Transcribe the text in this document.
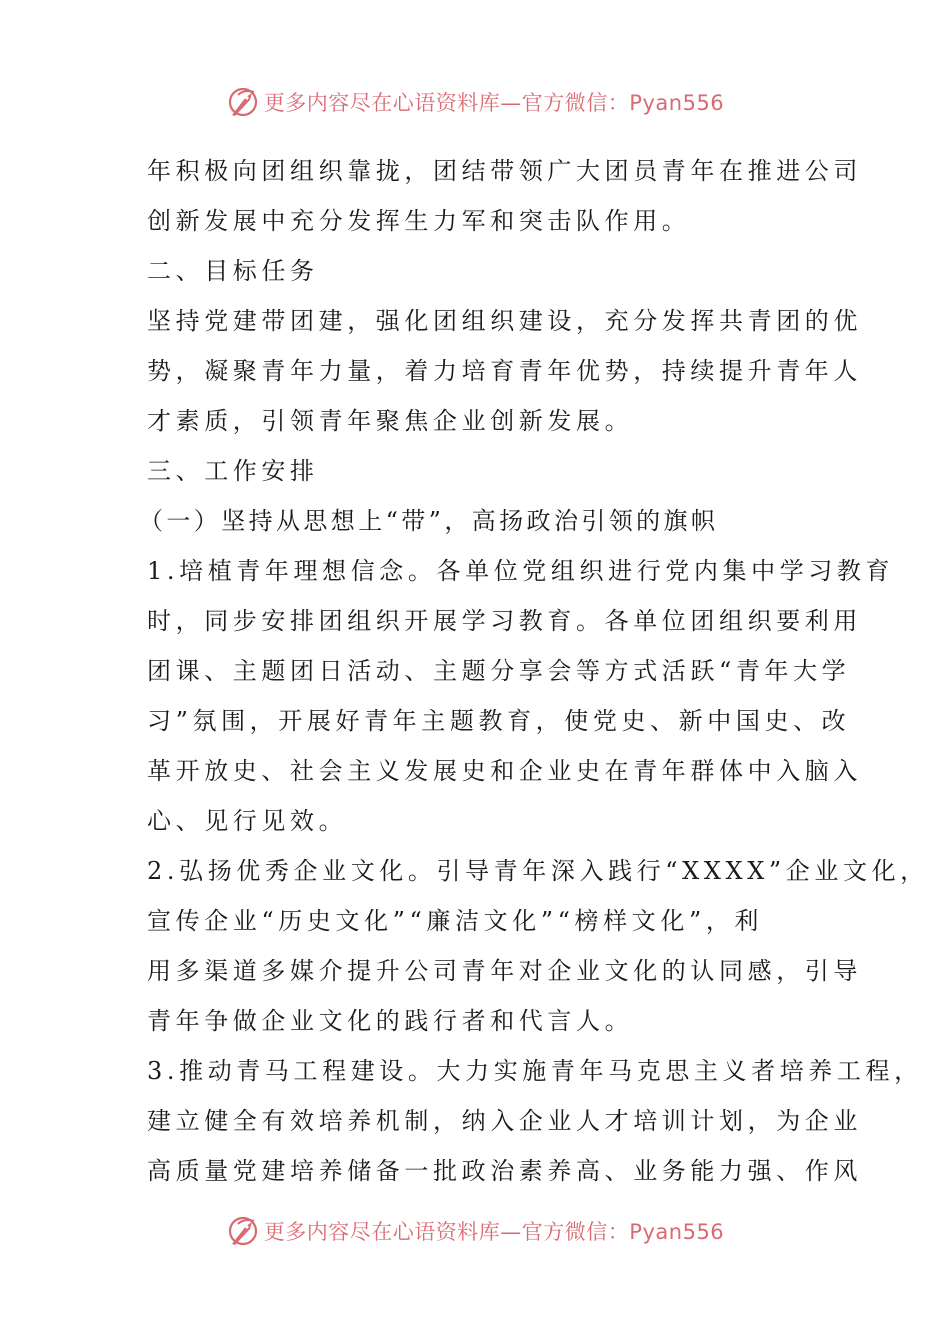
更多内容尽在心语资料库—官方微信：Pyan556
年积极向团组织靠拢，团结带领广大团员青年在推进公司
创新发展中充分发挥生力军和突击队作用。
二、目标任务
坚持党建带团建，强化团组织建设，充分发挥共青团的优
势，凝聚青年力量，着力培育青年优势，持续提升青年人
才素质，引领青年聚焦企业创新发展。
三、工作安排
（一）坚持从思想上“带”，高扬政治引领的旗帜
1.培植青年理想信念。各单位党组织进行党内集中学习教育
时，同步安排团组织开展学习教育。各单位团组织要利用
团课、主题团日活动、主题分享会等方式活跃“青年大学
习”氛围，开展好青年主题教育，使党史、新中国史、改
革开放史、社会主义发展史和企业史在青年群体中入脑入
心、见行见效。
2.弘扬优秀企业文化。引导青年深入践行“XXXX”企业文化，
宣传企业“历史文化”“廉洁文化”“榜样文化”，利
用多渠道多媒介提升公司青年对企业文化的认同感，引导
青年争做企业文化的践行者和代言人。
3.推动青马工程建设。大力实施青年马克思主义者培养工程，
建立健全有效培养机制，纳入企业人才培训计划，为企业
高质量党建培养储备一批政治素养高、业务能力强、作风
更多内容尽在心语资料库—官方微信：Pyan556
